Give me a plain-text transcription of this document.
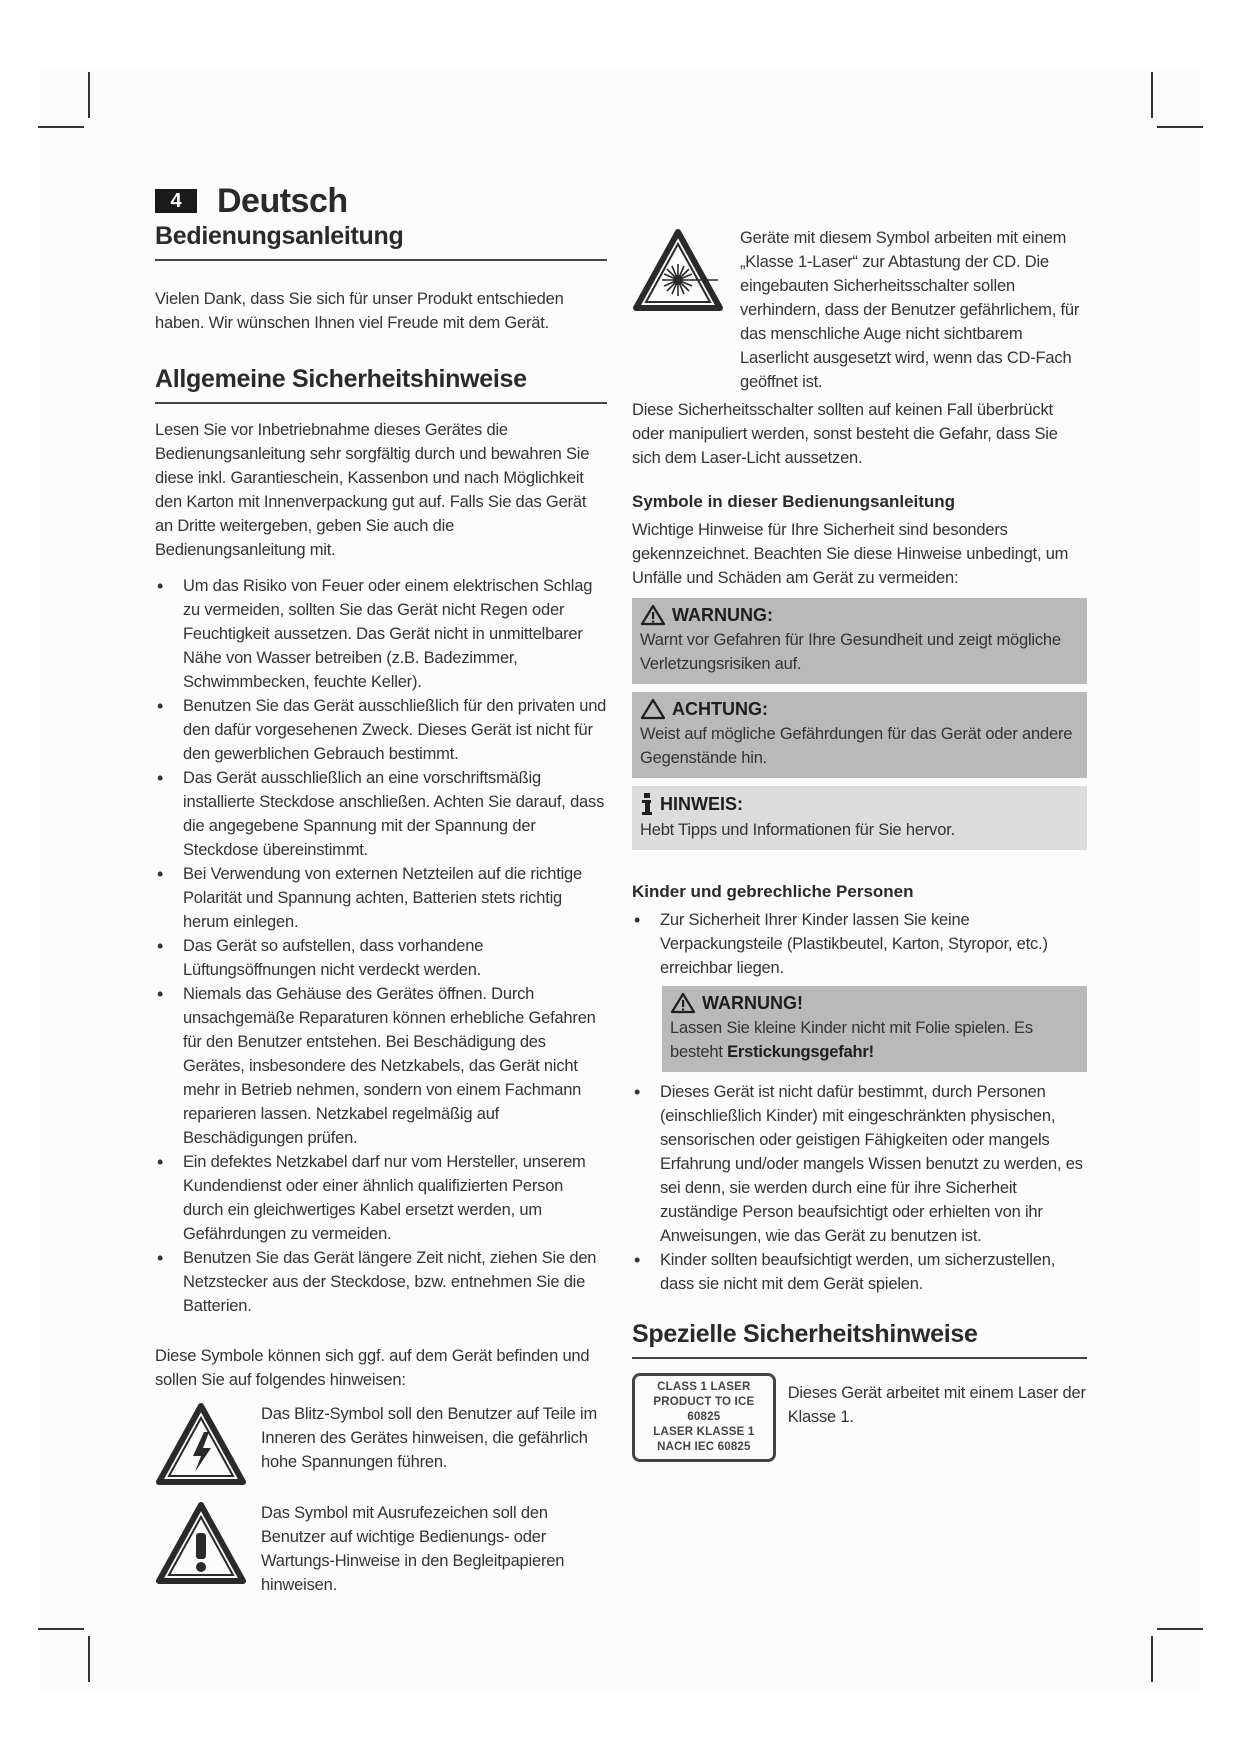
4	Deutsch
Bedienungsanleitung

Vielen Dank, dass Sie sich für unser Produkt entschieden haben. Wir wünschen Ihnen viel Freude mit dem Gerät.

Allgemeine Sicherheitshinweise

Lesen Sie vor Inbetriebnahme dieses Gerätes die Bedienungsanleitung sehr sorgfältig durch und bewahren Sie diese inkl. Garantieschein, Kassenbon und nach Möglichkeit den Karton mit Innenverpackung gut auf. Falls Sie das Gerät an Dritte weitergeben, geben Sie auch die Bedienungsanleitung mit.

• Um das Risiko von Feuer oder einem elektrischen Schlag zu vermeiden, sollten Sie das Gerät nicht Regen oder Feuchtigkeit aussetzen. Das Gerät nicht in unmittelbarer Nähe von Wasser betreiben (z.B. Badezimmer, Schwimmbecken, feuchte Keller).
• Benutzen Sie das Gerät ausschließlich für den privaten und den dafür vorgesehenen Zweck. Dieses Gerät ist nicht für den gewerblichen Gebrauch bestimmt.
• Das Gerät ausschließlich an eine vorschriftsmäßig installierte Steckdose anschließen. Achten Sie darauf, dass die angegebene Spannung mit der Spannung der Steckdose übereinstimmt.
• Bei Verwendung von externen Netzteilen auf die richtige Polarität und Spannung achten, Batterien stets richtig herum einlegen.
• Das Gerät so aufstellen, dass vorhandene Lüftungsöffnungen nicht verdeckt werden.
• Niemals das Gehäuse des Gerätes öffnen. Durch unsachgemäße Reparaturen können erhebliche Gefahren für den Benutzer entstehen. Bei Beschädigung des Gerätes, insbesondere des Netzkabels, das Gerät nicht mehr in Betrieb nehmen, sondern von einem Fachmann reparieren lassen. Netzkabel regelmäßig auf Beschädigungen prüfen.
• Ein defektes Netzkabel darf nur vom Hersteller, unserem Kundendienst oder einer ähnlich qualifizierten Person durch ein gleichwertiges Kabel ersetzt werden, um Gefährdungen zu vermeiden.
• Benutzen Sie das Gerät längere Zeit nicht, ziehen Sie den Netzstecker aus der Steckdose, bzw. entnehmen Sie die Batterien.

Diese Symbole können sich ggf. auf dem Gerät befinden und sollen Sie auf folgendes hinweisen:

Das Blitz-Symbol soll den Benutzer auf Teile im Inneren des Gerätes hinweisen, die gefährlich hohe Spannungen führen.

Das Symbol mit Ausrufezeichen soll den Benutzer auf wichtige Bedienungs- oder Wartungs-Hinweise in den Begleitpapieren hinweisen.

Geräte mit diesem Symbol arbeiten mit einem „Klasse 1-Laser“ zur Abtastung der CD. Die eingebauten Sicherheitsschalter sollen verhindern, dass der Benutzer gefährlichem, für das menschliche Auge nicht sichtbarem Laserlicht ausgesetzt wird, wenn das CD-Fach geöffnet ist.

Diese Sicherheitsschalter sollten auf keinen Fall überbrückt oder manipuliert werden, sonst besteht die Gefahr, dass Sie sich dem Laser-Licht aussetzen.

Symbole in dieser Bedienungsanleitung

Wichtige Hinweise für Ihre Sicherheit sind besonders gekennzeichnet. Beachten Sie diese Hinweise unbedingt, um Unfälle und Schäden am Gerät zu vermeiden:

WARNUNG:

Warnt vor Gefahren für Ihre Gesundheit und zeigt mögliche Verletzungsrisiken auf.

ACHTUNG:

Weist auf mögliche Gefährdungen für das Gerät oder andere Gegenstände hin.

HINWEIS:

Hebt Tipps und Informationen für Sie hervor.

Kinder und gebrechliche Personen
• Zur Sicherheit Ihrer Kinder lassen Sie keine Verpackungsteile (Plastikbeutel, Karton, Styropor, etc.) erreichbar liegen.
WARNUNG!

Lassen Sie kleine Kinder nicht mit Folie spielen. Es besteht Erstickungsgefahr!

• Dieses Gerät ist nicht dafür bestimmt, durch Personen (einschließlich Kinder) mit eingeschränkten physischen, sensorischen oder geistigen Fähigkeiten oder mangels Erfahrung und/oder mangels Wissen benutzt zu werden, es sei denn, sie werden durch eine für ihre Sicherheit zuständige Person beaufsichtigt oder erhielten von ihr Anweisungen, wie das Gerät zu benutzen ist.
• Kinder sollten beaufsichtigt werden, um sicherzustellen, dass sie nicht mit dem Gerät spielen.
Spezielle Sicherheitshinweise
CLASS 1 LASER
PRODUCT TO ICE 60825
LASER KLASSE 1
NACH IEC 60825

Dieses Gerät arbeitet mit einem Laser der Klasse 1.
